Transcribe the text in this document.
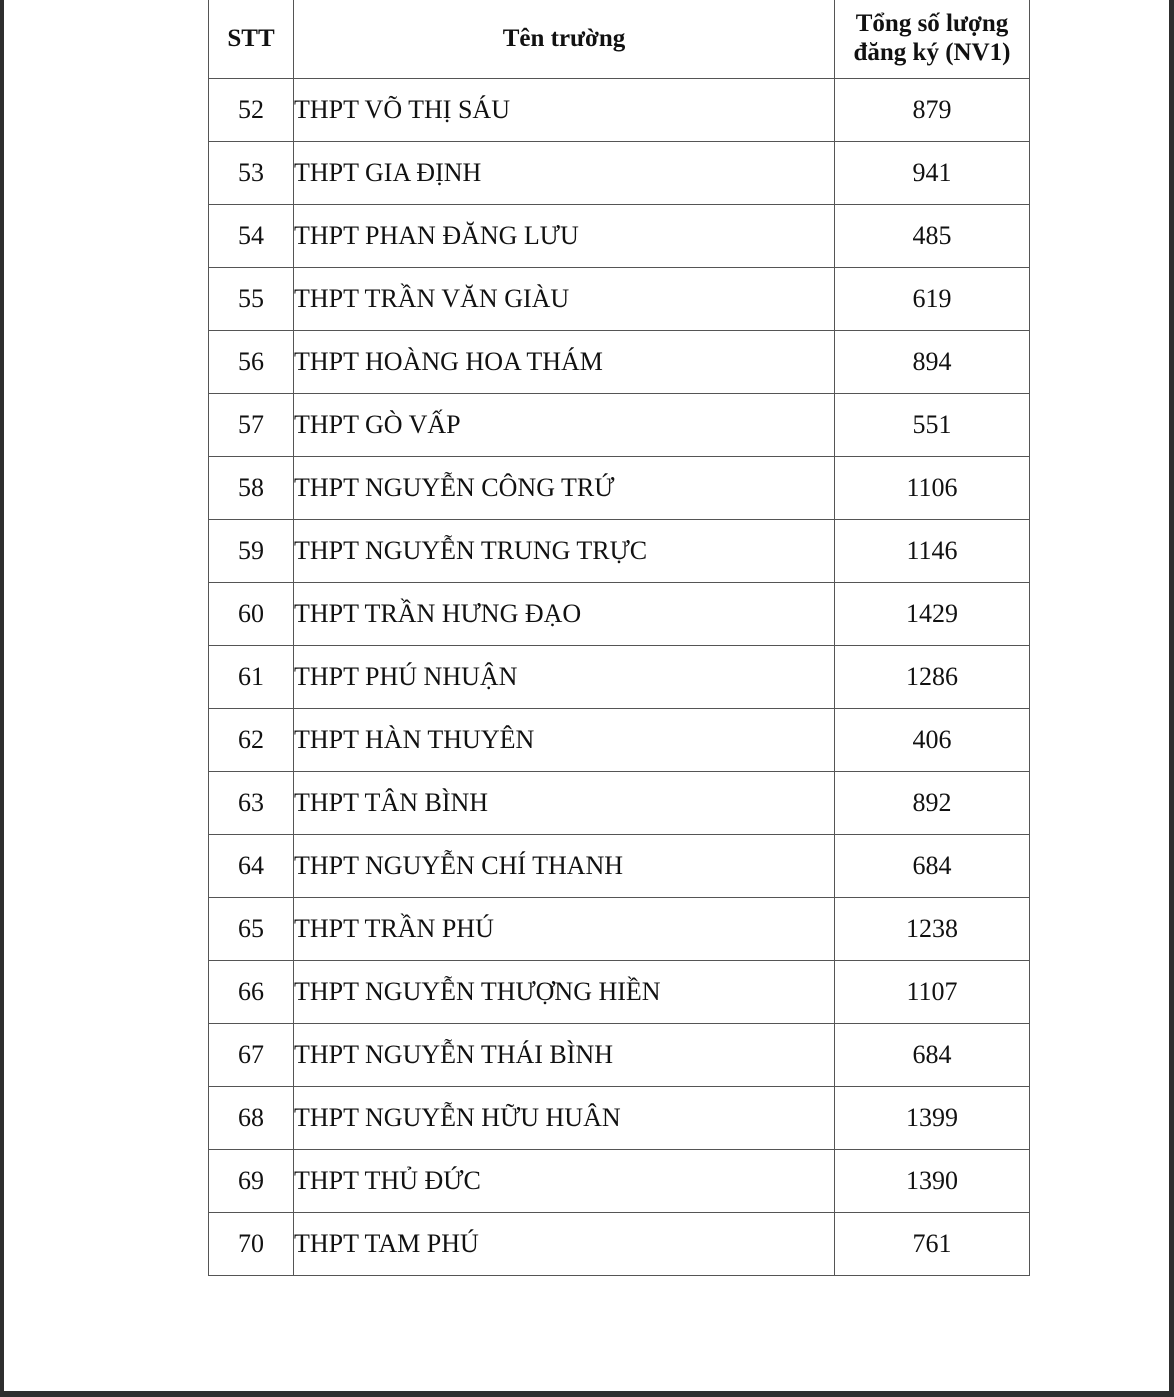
STT	Tên trường	Tổng số lượng
đăng ký (NV1)

52	THPT VÕ THỊ SÁU	879
53	THPT GIA ĐỊNH	941
54	THPT PHAN ĐĂNG LƯU	485
55	THPT TRẦN VĂN GIÀU	619
56	THPT HOÀNG HOA THÁM	894
57	THPT GÒ VẤP	551
58	THPT NGUYỄN CÔNG TRỨ	1106
59	THPT NGUYỄN TRUNG TRỰC	1146
60	THPT TRẦN HƯNG ĐẠO	1429
61	THPT PHÚ NHUẬN	1286
62	THPT HÀN THUYÊN	406
63	THPT TÂN BÌNH	892
64	THPT NGUYỄN CHÍ THANH	684
65	THPT TRẦN PHÚ	1238
66	THPT NGUYỄN THƯỢNG HIỀN	1107
67	THPT NGUYỄN THÁI BÌNH	684
68	THPT NGUYỄN HỮU HUÂN	1399
69	THPT THỦ ĐỨC	1390
70	THPT TAM PHÚ	761
